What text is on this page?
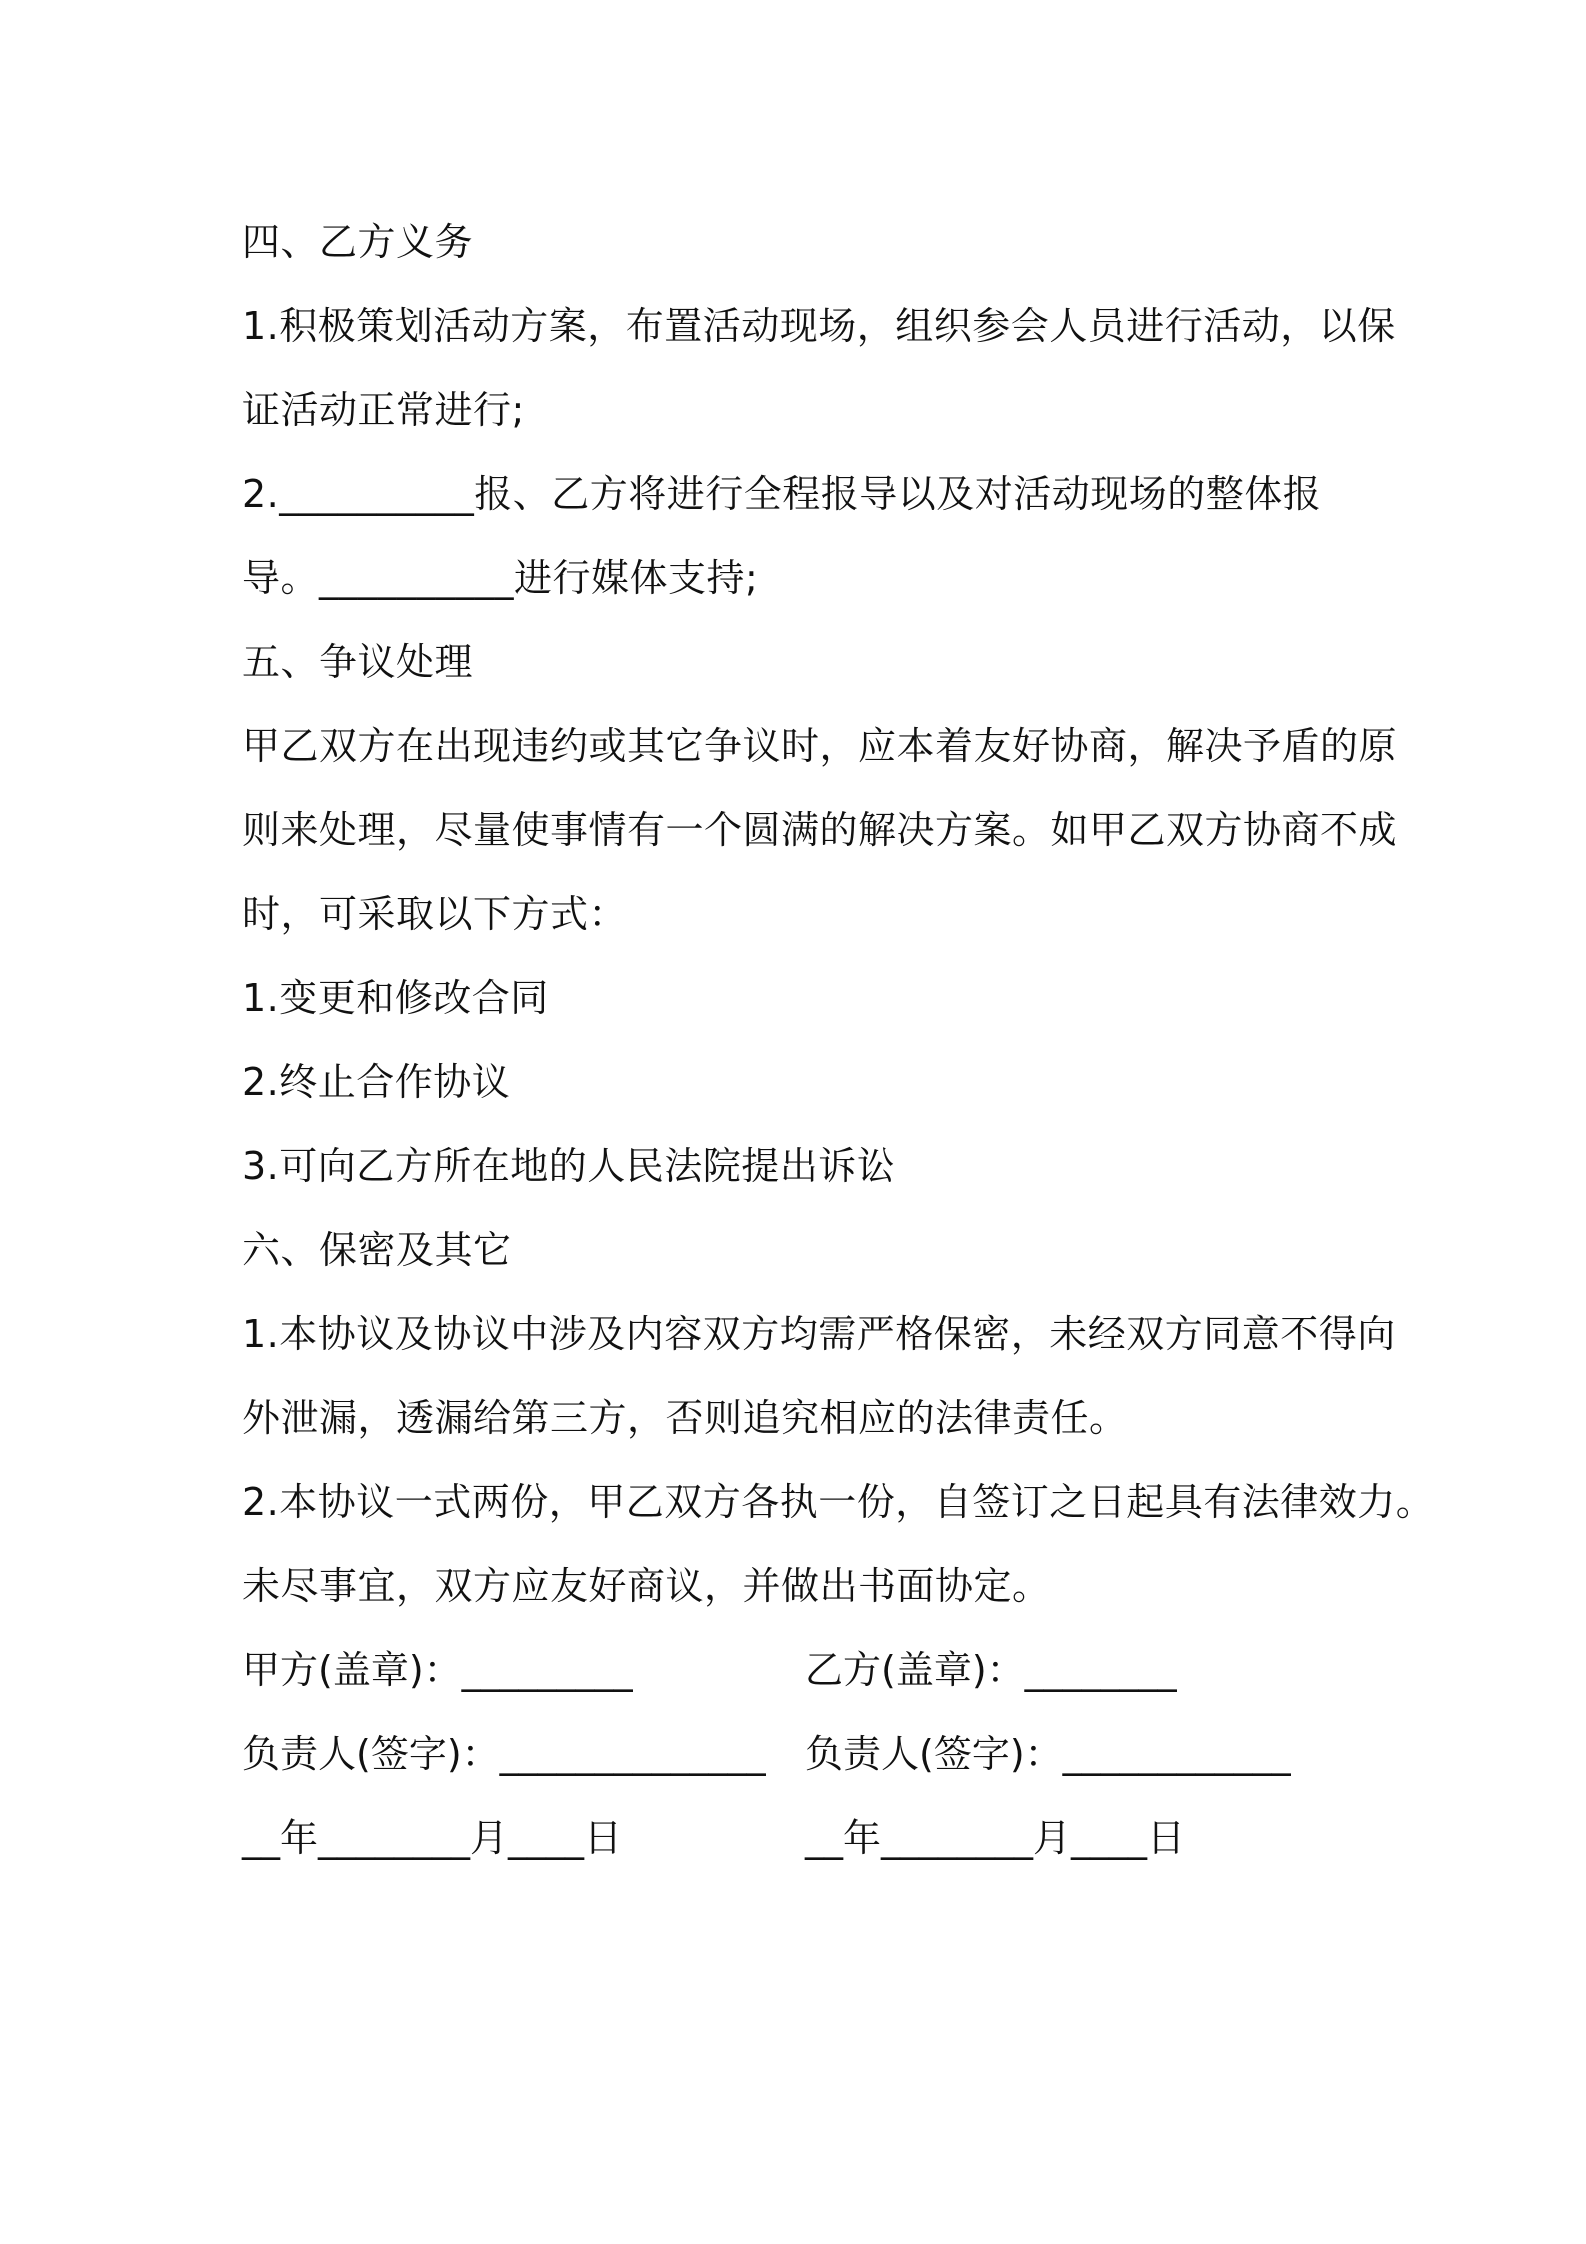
四、乙方义务
1.积极策划活动方案，布置活动现场，组织参会人员进行活动，以保
证活动正常进行;
2.__________报、乙方将进行全程报导以及对活动现场的整体报
导。__________进行媒体支持;
五、争议处理
甲乙双方在出现违约或其它争议时，应本着友好协商，解决予盾的原
则来处理，尽量使事情有一个圆满的解决方案。如甲乙双方协商不成
时，可采取以下方式：
1.变更和修改合同
2.终止合作协议
3.可向乙方所在地的人民法院提出诉讼
六、保密及其它
1.本协议及协议中涉及内容双方均需严格保密，未经双方同意不得向
外泄漏，透漏给第三方，否则追究相应的法律责任。
2.本协议一式两份，甲乙双方各执一份，自签订之日起具有法律效力。
未尽事宜，双方应友好商议，并做出书面协定。
甲方(盖章)：_________	乙方(盖章)：________
负责人(签字)：______________ 负责人(签字)：____________
__年________月____日	__年________月____日
